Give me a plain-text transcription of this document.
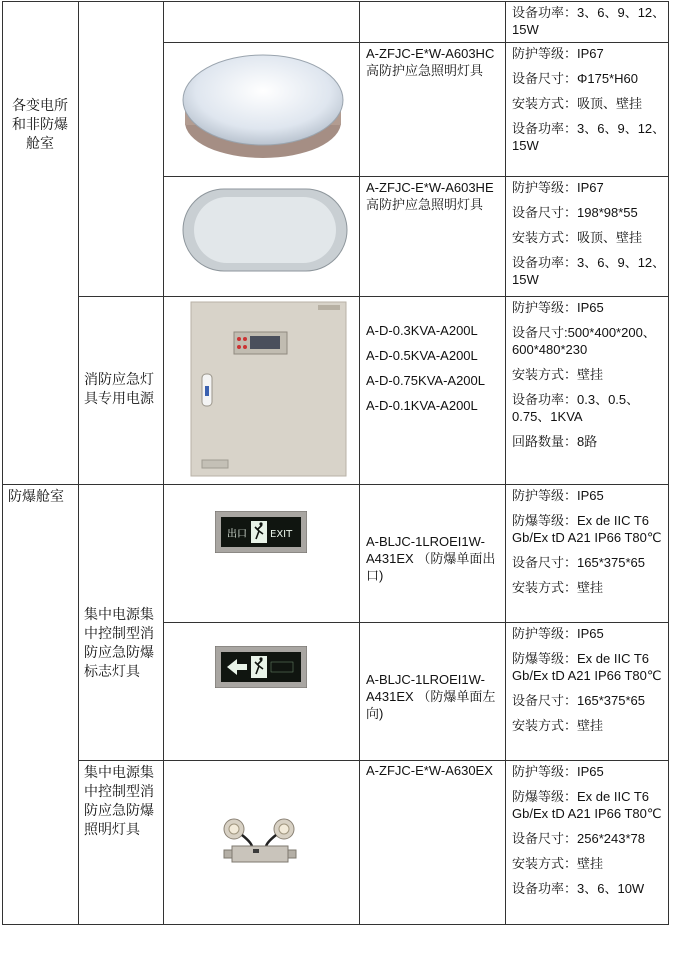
各变电所和非防爆舱室
防爆舱室
消防应急灯具专用电源
集中电源集中控制型消防应急防爆标志灯具
集中电源集中控制型消防应急防爆照明灯具
出口 EXIT
A-ZFJC-E*W-A603HC 高防护应急照明灯具
A-ZFJC-E*W-A603HE 高防护应急照明灯具
A-D-0.3KVA-A200L
A-D-0.5KVA-A200L
A-D-0.75KVA-A200L
A-D-0.1KVA-A200L
A-BLJC-1LROEI1W-A431EX （防爆单面出口)
A-BLJC-1LROEI1W-A431EX （防爆单面左向)
A-ZFJC-E*W-A630EX
设备功率：3、6、9、12、15W
防护等级：IP67
设备尺寸：Φ175*H60
安装方式：吸顶、壁挂
设备功率：3、6、9、12、15W
防护等级：IP67
设备尺寸：198*98*55
安装方式：吸顶、壁挂
设备功率：3、6、9、12、15W
防护等级：IP65
设备尺寸:500*400*200、600*480*230
安装方式：壁挂
设备功率：0.3、0.5、0.75、1KVA
回路数量：8路
防护等级：IP65
防爆等级：Ex de IIC T6 Gb/Ex tD A21 IP66 T80℃
设备尺寸：165*375*65
安装方式：壁挂
防护等级：IP65
防爆等级：Ex de IIC T6 Gb/Ex tD A21 IP66 T80℃
设备尺寸：165*375*65
安装方式：壁挂
防护等级：IP65
防爆等级：Ex de IIC T6 Gb/Ex tD A21 IP66 T80℃
设备尺寸：256*243*78
安装方式：壁挂
设备功率：3、6、10W
